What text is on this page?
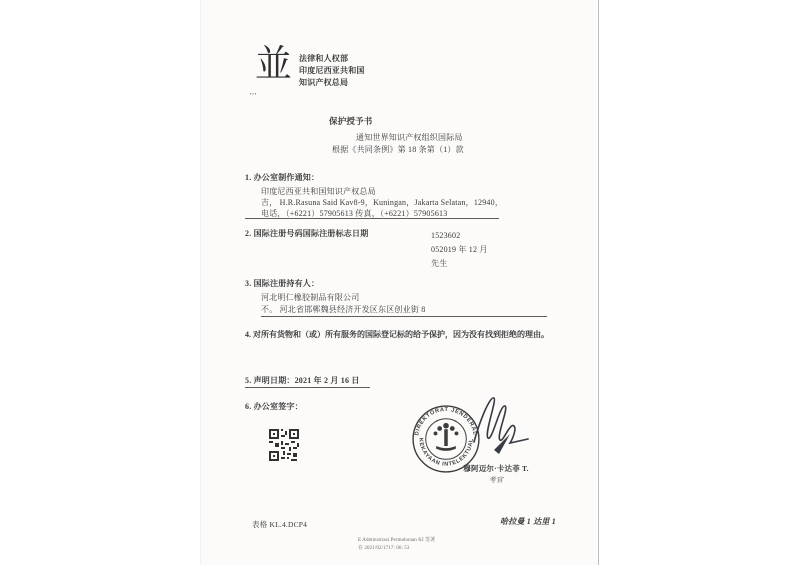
並
▪▪▪
法律和人权部
印度尼西亚共和国
知识产权总局
保护授予书
通知世界知识产权组织国际局
根据《共同条例》第 18 条第（1）款
1. 办公室制作通知：
印度尼西亚共和国知识产权总局
吉， H.R.Rasuna Said Kav8-9，Kuningan，Jakarta Selatan，12940，
电话，（+6221）57905613 传真，（+6221）57905613
2. 国际注册号码国际注册标志日期	1523602
052019 年 12 月
先生
3. 国际注册持有人：
河北明仁橡胶制品有限公司
不。 河北省邯郸魏县经济开发区东区创业街 8
4. 对所有货物和（或）所有服务的国际登记标的给予保护，因为没有找到拒绝的理由。
5. 声明日期：2021 年 2 月 16 日
6. 办公室签字：
DIREKTORAT JENDERAL
KEKAYAAN INTELEKTUAL
穆阿迈尔·卡达菲 T.
考官
表格 KL.4.DCP4	哈拉曼 1 达里 1
E Administrasi Permohonan KI 签署
在 2021/02/1717: 06: 53
